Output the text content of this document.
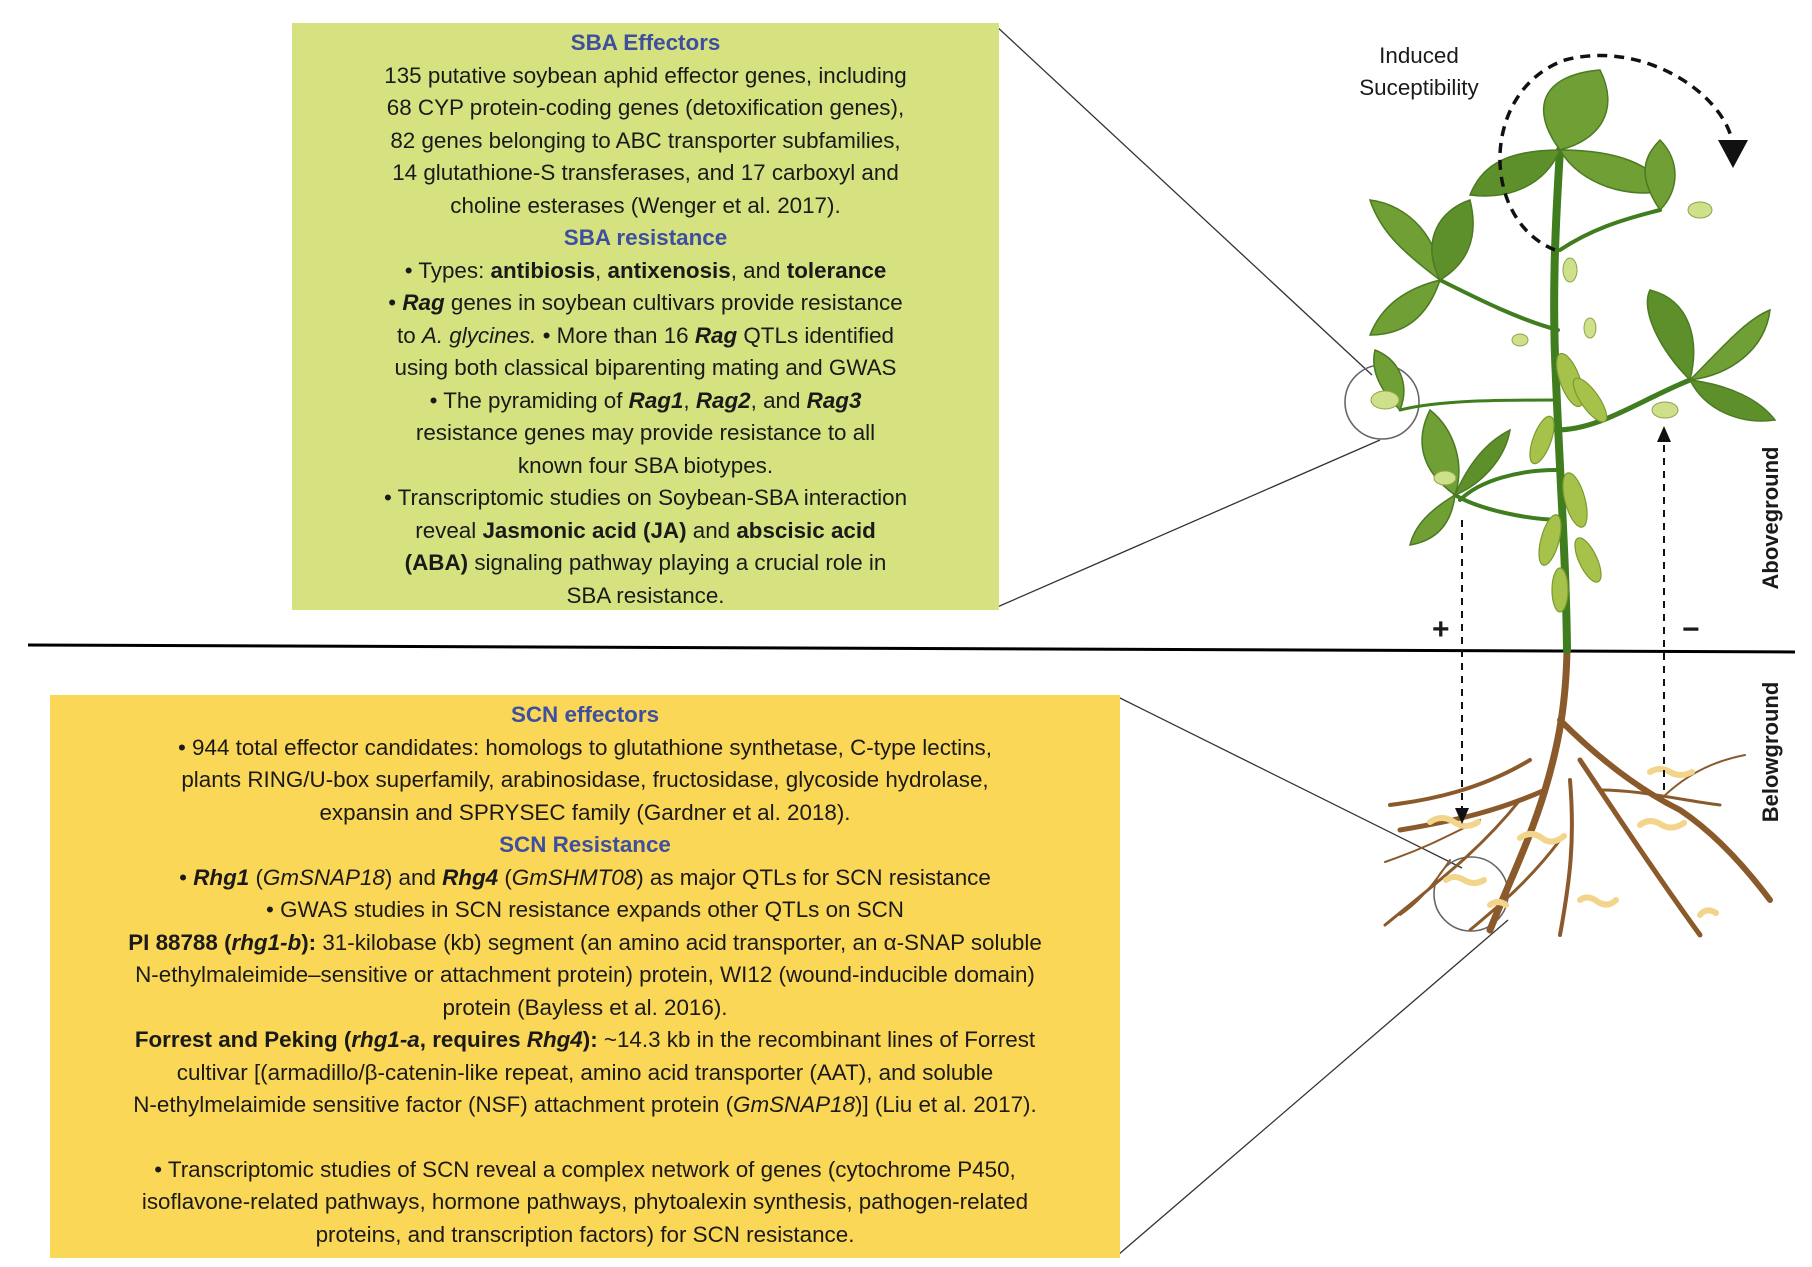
Aboveground
Belowground
+	−
Induced
Suceptibility
SBA Effectors

135 putative soybean aphid effector genes, including

68 CYP protein-coding genes (detoxification genes),

82 genes belonging to ABC transporter subfamilies,

14 glutathione-S transferases, and 17 carboxyl and

choline esterases (Wenger et al. 2017).

SBA resistance

• Types: antibiosis, antixenosis, and tolerance

• Rag genes in soybean cultivars provide resistance

to A. glycines. • More than 16 Rag QTLs identified

using both classical biparenting mating and GWAS

• The pyramiding of Rag1, Rag2, and Rag3

resistance genes may provide resistance to all

known four SBA biotypes.

• Transcriptomic studies on Soybean-SBA interaction

reveal Jasmonic acid (JA) and abscisic acid

(ABA) signaling pathway playing a crucial role in

SBA resistance.

SCN effectors

• 944 total effector candidates: homologs to glutathione synthetase, C-type lectins,

plants RING/U-box superfamily, arabinosidase, fructosidase, glycoside hydrolase,

expansin and SPRYSEC family (Gardner et al. 2018).

SCN Resistance

• Rhg1 (GmSNAP18) and Rhg4 (GmSHMT08) as major QTLs for SCN resistance

• GWAS studies in SCN resistance expands other QTLs on SCN

PI 88788 (rhg1-b): 31-kilobase (kb) segment (an amino acid transporter, an α-SNAP soluble

N-ethylmaleimide–sensitive or attachment protein) protein, WI12 (wound-inducible domain)

protein (Bayless et al. 2016).

Forrest and Peking (rhg1-a, requires Rhg4): ~14.3 kb in the recombinant lines of Forrest

cultivar [(armadillo/β-catenin-like repeat, amino acid transporter (AAT), and soluble

N-ethylmelaimide sensitive factor (NSF) attachment protein (GmSNAP18)] (Liu et al. 2017).

• Transcriptomic studies of SCN reveal a complex network of genes (cytochrome P450,

isoflavone-related pathways, hormone pathways, phytoalexin synthesis, pathogen-related

proteins, and transcription factors) for SCN resistance.
